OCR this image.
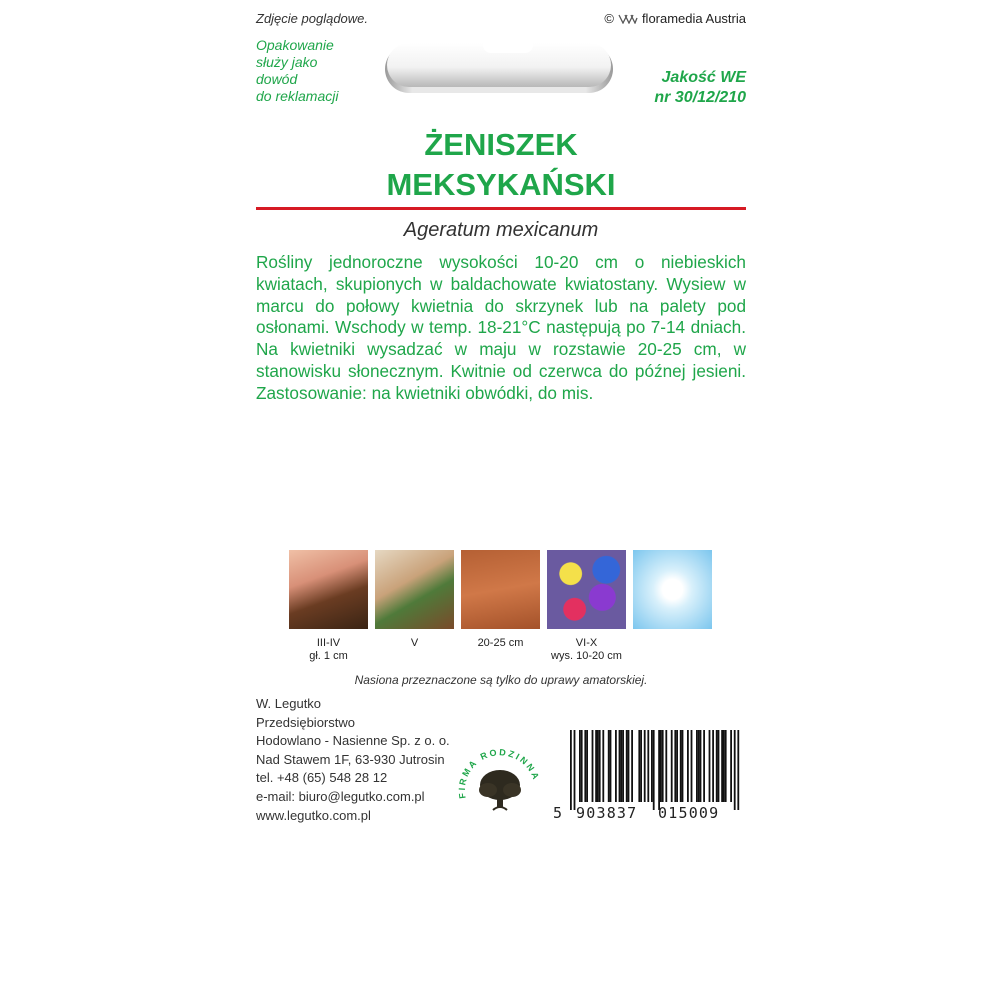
Zdjęcie poglądowe.	© floramedia Austria
Opakowanie
służy jako
dowód
do reklamacji
Jakość WE
nr 30/12/210
ŻENISZEK
MEKSYKAŃSKI
Ageratum mexicanum
Rośliny jednoroczne wysokości 10-20 cm o niebieskich kwiatach, skupionych w baldachowate kwiatostany. Wysiew w marcu do połowy kwietnia do skrzynek lub na palety pod osłonami. Wschody w temp. 18-21°C następują po 7-14 dniach. Na kwietniki wysadzać w maju w rozstawie 20-25 cm, w stanowisku słonecznym. Kwitnie od czerwca do późnej jesieni. Zastosowanie: na kwietniki obwódki, do mis.
III-IV
gł. 1 cm
V	20-25 cm	VI-X
wys. 10-20 cm
Nasiona przeznaczone są tylko do uprawy amatorskiej.
W. Legutko
Przedsiębiorstwo
Hodowlano - Nasienne Sp. z o. o.
Nad Stawem 1F, 63-930 Jutrosin
tel. +48 (65) 548 28 12
e-mail: biuro@legutko.com.pl
www.legutko.com.pl
FIRMA RODZINNA
5 903837 015009
